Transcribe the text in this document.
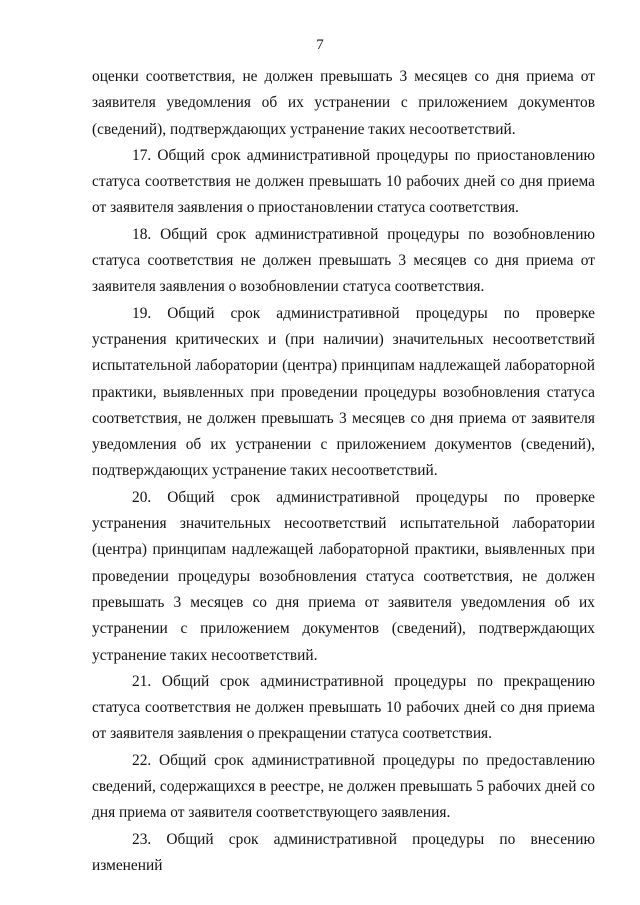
7

оценки соответствия, не должен превышать 3 месяцев со дня приема от заявителя уведомления об их устранении с приложением документов (сведений), подтверждающих устранение таких несоответствий.

17. Общий срок административной процедуры по приостановлению статуса соответствия не должен превышать 10 рабочих дней со дня приема от заявителя заявления о приостановлении статуса соответствия.

18. Общий срок административной процедуры по возобновлению статуса соответствия не должен превышать 3 месяцев со дня приема от заявителя заявления о возобновлении статуса соответствия.

19. Общий срок административной процедуры по проверке устранения критических и (при наличии) значительных несоответствий испытательной лаборатории (центра) принципам надлежащей лабораторной практики, выявленных при проведении процедуры возобновления статуса соответствия, не должен превышать 3 месяцев со дня приема от заявителя уведомления об их устранении с приложением документов (сведений), подтверждающих устранение таких несоответствий.

20. Общий срок административной процедуры по проверке устранения значительных несоответствий испытательной лаборатории (центра) принципам надлежащей лабораторной практики, выявленных при проведении процедуры возобновления статуса соответствия, не должен превышать 3 месяцев со дня приема от заявителя уведомления об их устранении с приложением документов (сведений), подтверждающих устранение таких несоответствий.

21. Общий срок административной процедуры по прекращению статуса соответствия не должен превышать 10 рабочих дней со дня приема от заявителя заявления о прекращении статуса соответствия.

22. Общий срок административной процедуры по предоставлению сведений, содержащихся в реестре, не должен превышать 5 рабочих дней со дня приема от заявителя соответствующего заявления.

23. Общий срок административной процедуры по внесению изменений
